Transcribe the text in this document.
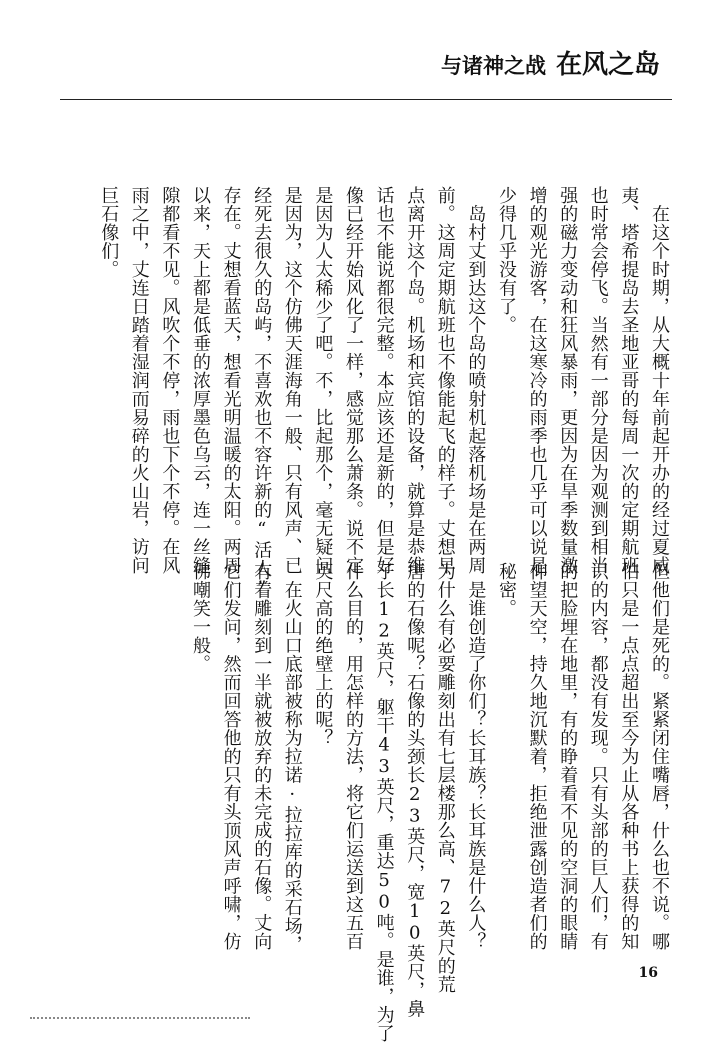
与诸神之战 在风之岛
　在这个时期，从大概十年前起开办的经过夏威
夷、塔希提岛去圣地亚哥的每周一次的定期航班
也时常会停飞。当然有一部分是因为观测到相当
强的磁力变动和狂风暴雨，更因为在旱季数量激
增的观光游客，在这寒冷的雨季也几乎可以说是
少得几乎没有了。
　岛村丈到达这个岛的喷射机起落机场是在两周
前。这周定期航班也不像能起飞的样子。丈想早
点离开这个岛。机场和宾馆的设备，就算是恭维
话也不能说都很完整。本应该还是新的，但是好
像已经开始风化了一样，感觉那么萧条。说不定
是因为人太稀少了吧。不，比起那个，毫无疑问
是因为，这个仿佛天涯海角一般、只有风声、已
经死去很久的岛屿，不喜欢也不容许新的“活人”
存在。丈想看蓝天，想看光明温暖的太阳。两周
以来，天上都是低垂的浓厚墨色乌云，连一丝缝
隙都看不见。风吹个不停，雨也下个不停。在风
雨之中，丈连日踏着湿润而易碎的火山岩，访问
巨石像们。
但他们是死的。紧紧闭住嘴唇，什么也不说。哪
怕只是一点点超出至今为止从各种书上获得的知
识的内容，都没有发现。只有头部的巨人们，有
的把脸埋在地里，有的睁着看不见的空洞的眼睛
仰望天空，持久地沉默着，拒绝泄露创造者们的
秘密。
　是谁创造了你们？长耳族？长耳族是什么人？
为什么有必要雕刻出有七层楼那么高、72英尺的荒
唐的石像呢？石像的头颈长23英尺，宽10英尺，鼻
子长12英尺，躯干43英尺，重达50吨。是谁，为了
什么目的，用怎样的方法，将它们运送到这五百
英尺高的绝壁上的呢？
　在火山口底部被称为拉诺·拉拉库的采石场，
有着雕刻到一半就被放弃的未完成的石像。丈向
它们发问，然而回答他的只有头顶风声呼啸，仿
佛嘲笑一般。
16
